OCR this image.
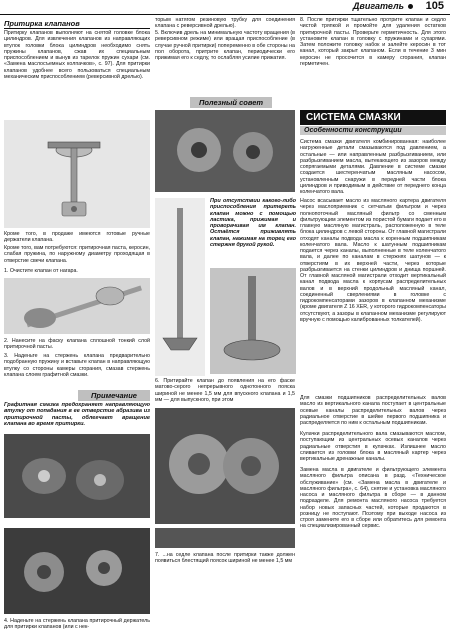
Двигатель 105
Притирка клапанов

Притирку клапанов выполняют на снятой головке блока цилиндров. Для извлечения клапанов из направляющих втулок головки блока цилиндров необходимо снять пружины клапанов, сжав их специальным приспособлением и вынув из тарелок пружин сухари (см. «Замена маслосъемных колпачков», с. 97). Для притирки клапанов удобнее всего пользоваться специальным механическим приспособлением (реверсивной дрелью).

Кроме того, в продаже имеются готовые ручные держатели клапана.

Кроме того, вам потребуются: притирочная паста, керосин, слабая пружина, по наружному диаметру проходящая в отверстие свечи клапана.

1. Очистите клапан от нагара.

2. Нанесите на фаску клапана сплошной тонкий слой притирочной пасты.

3. Наденьте на стержень клапана предварительно подобранную пружину и вставьте клапан в направляющую втулку со стороны камеры сгорания, смазав стержень клапана слоем графитной смазки.

Примечание
Графитная смазка предохраняет направляющую втулку от попадания в ее отверстие абразива из притирочной пасты, облегчает вращение клапана во время притирки.

4. Наденьте на стержень клапана притирочный держатель для притирки клапанов (или с нек-

торым натягом резиновую трубку для соединения клапана с реверсивной дрелью).

5. Включив дрель на минимальную частоту вращения (в реверсивном режиме) или вращая приспособление (в случае ручной притирки) попеременно в обе стороны на пол оборота, притрите клапан, периодически его прижимая его к седлу, то ослабляя усилие прижатия.

Полезный совет
При отсутствии какого-либо приспособления притереть клапан можно с помощью ластика, прижимая и проворачивая им клапан. Остаётся приживлять клапан, нажимая на торец его стержня другой рукой.

6. Притирайте клапан до появления на его фаске матово-серого непрерывного однотонного пояска шириной не менее 1,5 мм для впускного клапана и 1,5 мм — для выпускного, при этом

7. ...на седле клапана после притирки также должен появиться блестящий поясок шириной не менее 1,5 мм

8. После притирки тщательно протрите клапан и седло чистой тряпкой и промойте для удаления остатков притирочной пасты. Проверьте герметичность. Для этого установите клапан в головку с пружинами и сухарями. Затем положите головку набок и залейте керосин в тот канал, который закрыт клапаном. Если в течение 3 мин керосин не просочится в камеру сгорания, клапан герметичен.

СИСТЕМА СМАЗКИ
Особенности конструкции

Система смазки двигателя комбинированная: наиболее нагруженные детали смазываются под давлением, а остальные — или направленным разбрызгиванием, или разбрызгиванием масла, вытекающего из зазоров между сопрягаемыми деталями. Давление в системе смазки создается шестеренчатым масляным насосом, установленным снаружи в передней части блока цилиндров и приводимым в действие от переднего конца коленчатого вала.

Насос всасывает масло из масляного картера двигателя через маслоприемник с сетчатым фильтром и через полнопоточный масляный фильтр со сменным фильтрующим элементом из пористой бумаги подает его в главную масляную магистраль, расположенную в теле блока цилиндров с левой стороны. От главной магистрали отходят каналы подвода масла к коренным подшипникам коленчатого вала. Масло к шатунным подшипникам подается через каналы, выполненные в теле коленчатого вала, и далее по каналам в стержнях шатунов — к отверстиям в их верхней части, через которые разбрызгивается на стенки цилиндров и днища поршней. От главной масляной магистрали отходит вертикальный канал подвода масла к корпусам распределительных валов и в верхний продольный масляный канал, соединенный сверлениями в головке с гидрокомпенсаторами зазоров в клапанном механизме (кроме двигателя Z 16 XER, у которого гидрокомпенсаторы отсутствуют, а зазоры в клапанном механизме регулируют вручную с помощью калиброванных толкателей).

Для смазки подшипников распределительных валов масло из вертикального канала поступает в центральные осевые каналы распределительных валов через радиальное отверстие в шейке первого подшипника и распределяется по ним к остальным подшипникам.

Кулачки распределительного вала смазываются маслом, поступающим из центральных осевых каналов через радиальные отверстия в кулачках. Излишнее масло сливается из головки блока в масляный картер через вертикальные дренажные каналы.

Замена масла в двигателе и фильтрующего элемента масляного фильтра описана в разд. «Техническое обслуживание» (см. «Замена масла в двигателе и масляного фильтра», с. 64), снятие и установка масляного насоса и масляного фильтра в сборе — в данном подразделе. Для ремонта масляного насоса требуется набор новых запасных частей, которые продаются в розницу не поступают. Поэтому при выходе насоса из строя замените его в сборе или обратитесь для ремонта на специализированный сервис.
